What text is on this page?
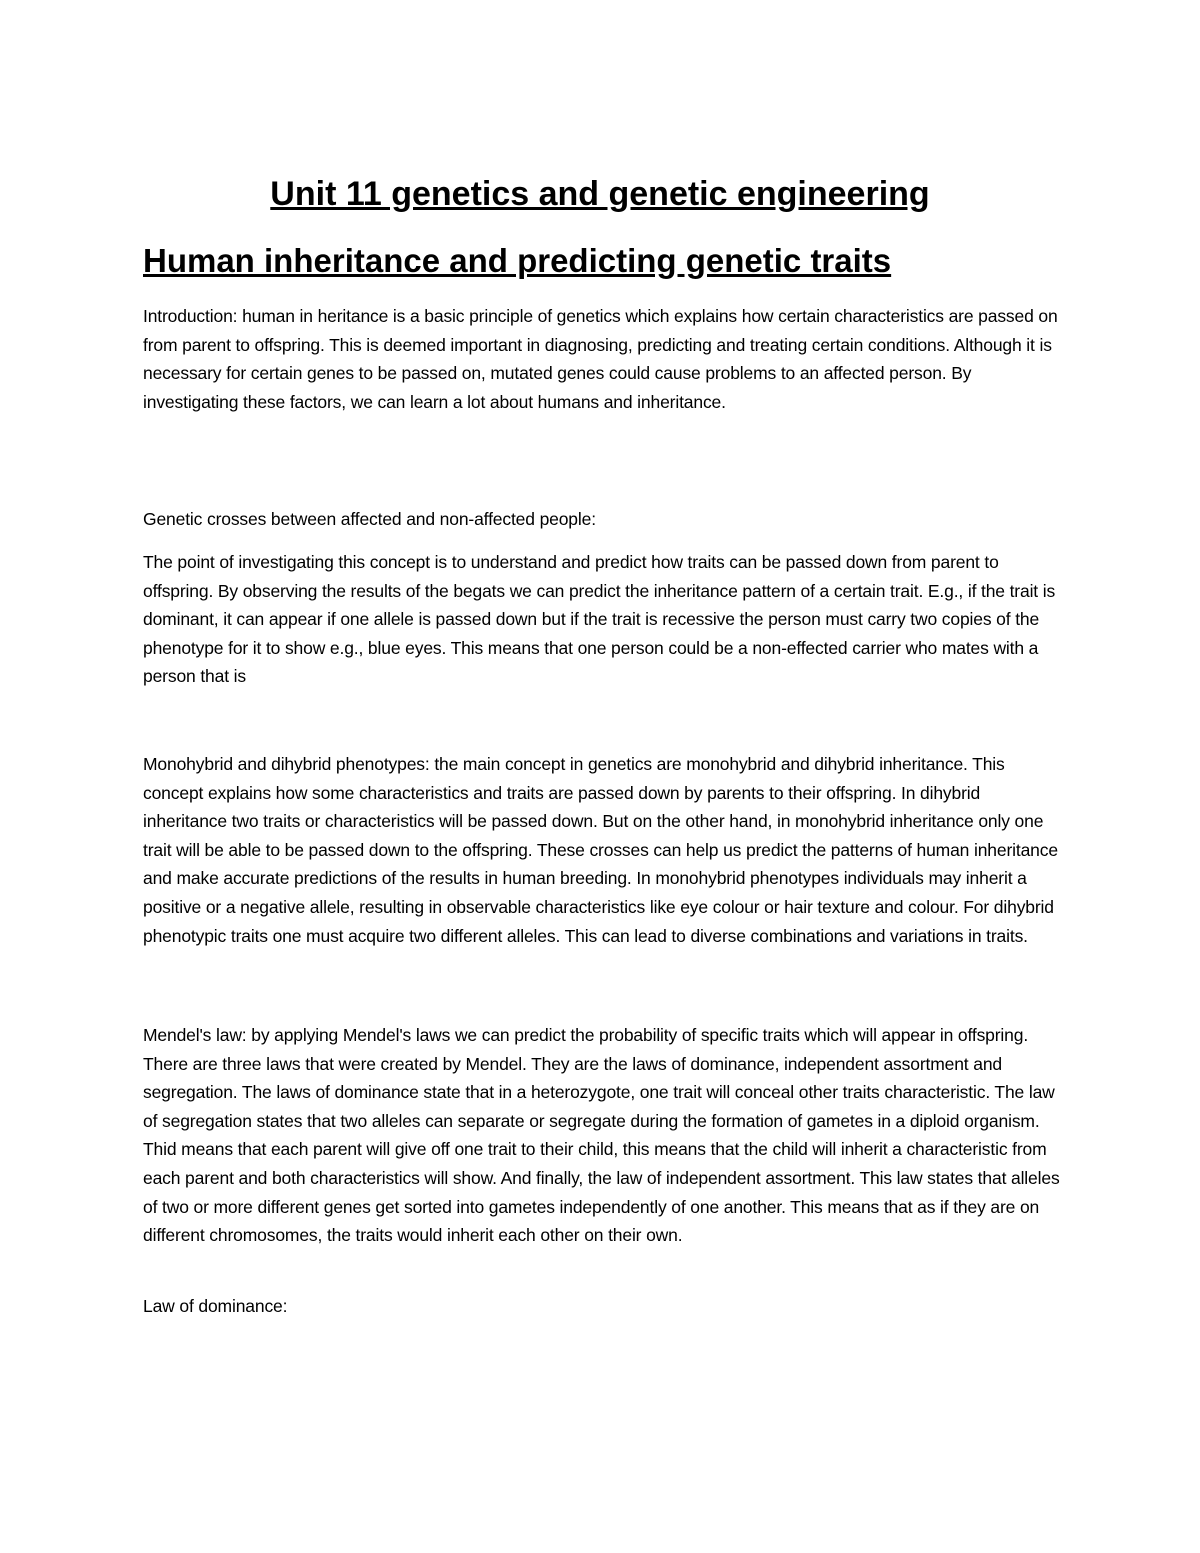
Unit 11 genetics and genetic engineering
Human inheritance and predicting genetic traits

Introduction: human in heritance is a basic principle of genetics which explains how certain characteristics are passed on from parent to offspring. This is deemed important in diagnosing, predicting and treating certain conditions. Although it is necessary for certain genes to be passed on, mutated genes could cause problems to an affected person. By investigating these factors, we can learn a lot about humans and inheritance.

Genetic crosses between affected and non-affected people:

The point of investigating this concept is to understand and predict how traits can be passed down from parent to offspring. By observing the results of the begats we can predict the inheritance pattern of a certain trait. E.g., if the trait is dominant, it can appear if one allele is passed down but if the trait is recessive the person must carry two copies of the phenotype for it to show e.g., blue eyes. This means that one person could be a non-effected carrier who mates with a person that is

Monohybrid and dihybrid phenotypes: the main concept in genetics are monohybrid and dihybrid inheritance. This concept explains how some characteristics and traits are passed down by parents to their offspring. In dihybrid inheritance two traits or characteristics will be passed down. But on the other hand, in monohybrid inheritance only one trait will be able to be passed down to the offspring. These crosses can help us predict the patterns of human inheritance and make accurate predictions of the results in human breeding. In monohybrid phenotypes individuals may inherit a positive or a negative allele, resulting in observable characteristics like eye colour or hair texture and colour. For dihybrid phenotypic traits one must acquire two different alleles. This can lead to diverse combinations and variations in traits.

Mendel's law: by applying Mendel's laws we can predict the probability of specific traits which will appear in offspring. There are three laws that were created by Mendel. They are the laws of dominance, independent assortment and segregation. The laws of dominance state that in a heterozygote, one trait will conceal other traits characteristic. The law of segregation states that two alleles can separate or segregate during the formation of gametes in a diploid organism. Thid means that each parent will give off one trait to their child, this means that the child will inherit a characteristic from each parent and both characteristics will show. And finally, the law of independent assortment. This law states that alleles of two or more different genes get sorted into gametes independently of one another. This means that as if they are on different chromosomes, the traits would inherit each other on their own.

Law of dominance:
